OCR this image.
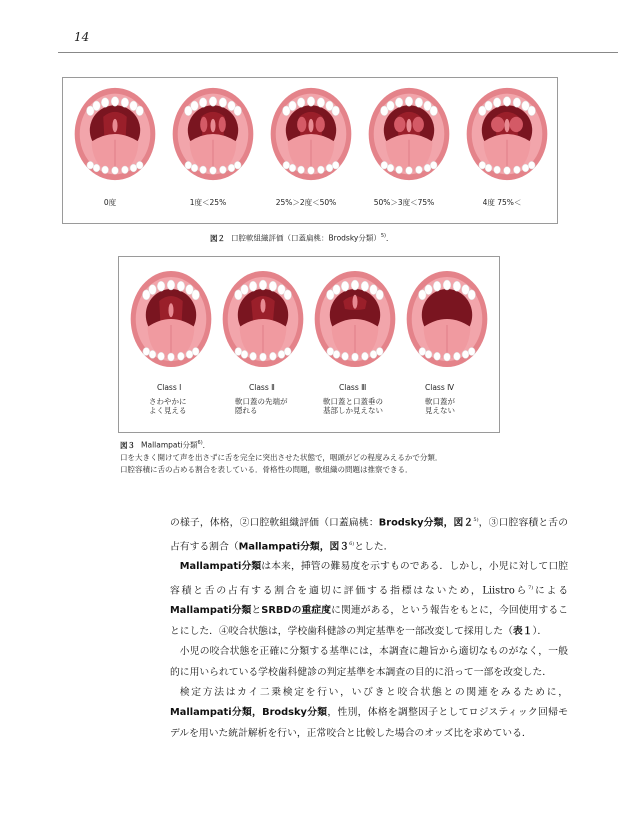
14
0度	1度＜25%	25%＞2度＜50%	50%＞3度＜75%	4度 75%＜
図２ 口腔軟組織評価（口蓋扁桃：Brodsky分類）$^{5)}$．
Class Ⅰ
さわやかに
よく見える
Class Ⅱ
軟口蓋の先端が
隠れる
Class Ⅲ
軟口蓋と口蓋垂の
基部しか見えない
Class Ⅳ
軟口蓋が
見えない
図３ Mallampati分類$^{6)}$．
口を大きく開けて声を出さずに舌を完全に突出させた状態で，咽頭がどの程度みえるかで分類．
口腔容積に舌の占める割合を表している．骨格性の問題，軟組織の問題は推察できる．

の様子，体格，②口腔軟組織評価（口蓋扁桃：Brodsky分類，図２$^{5)}$，③口腔容積と舌の占有する割合（Mallampati分類，図３$^{6)}$とした．

Mallampati分類は本来，挿管の難易度を示すものである．しかし，小児に対して口腔容積と舌の占有する割合を適切に評価する指標はないため，Liistroら$^{7)}$によるMallampati分類とSRBDの重症度に関連がある，という報告をもとに，今回使用することにした．④咬合状態は，学校歯科健診の判定基準を一部改変して採用した（表１）．

小児の咬合状態を正確に分類する基準には，本調査に趣旨から適切なものがなく，一般的に用いられている学校歯科健診の判定基準を本調査の目的に沿って一部を改変した．

検定方法はカイ二乗検定を行い，いびきと咬合状態との関連をみるために，Mallampati分類，Brodsky分類，性別，体格を調整因子としてロジスティック回帰モデルを用いた統計解析を行い，正常咬合と比較した場合のオッズ比を求めている．
